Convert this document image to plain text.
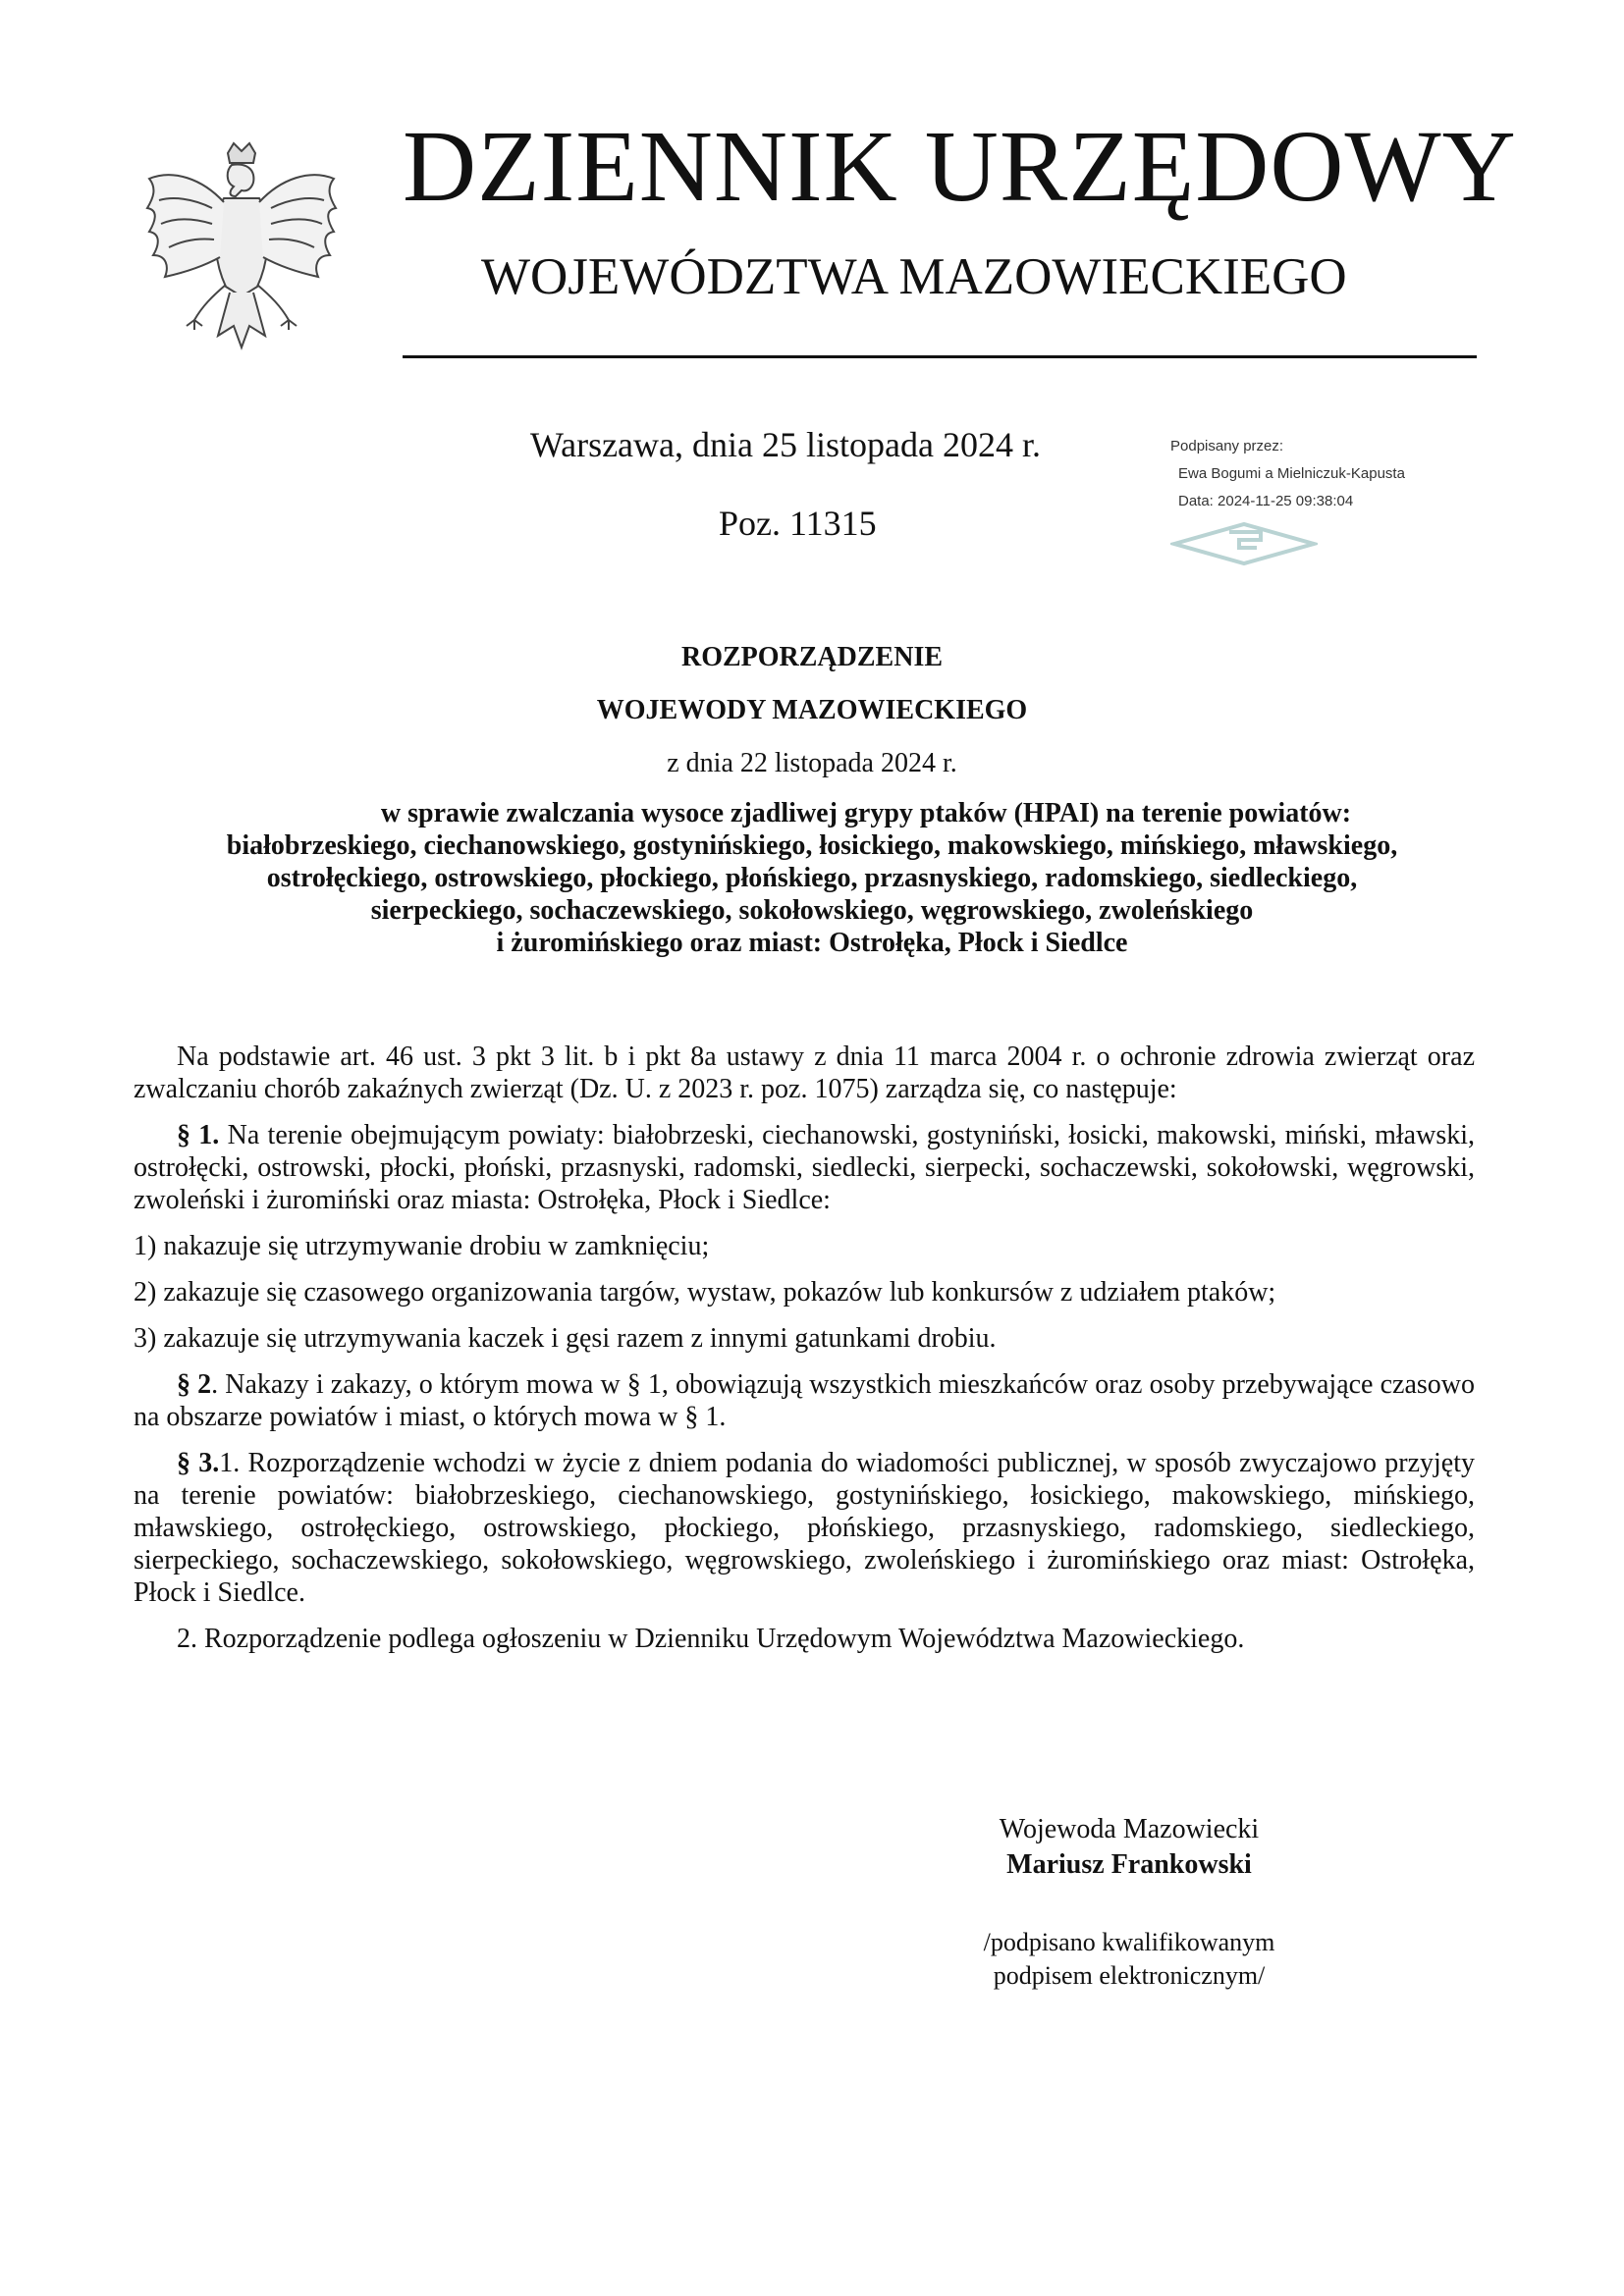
DZIENNIK URZĘDOWY
WOJEWÓDZTWA MAZOWIECKIEGO
Warszawa, dnia 25 listopada 2024 r.
Poz. 11315
Podpisany przez:
Ewa Bogumi a Mielniczuk-Kapusta
Data: 2024-11-25 09:38:04
ROZPORZĄDZENIE
WOJEWODY MAZOWIECKIEGO
z dnia 22 listopada 2024 r.
w sprawie zwalczania wysoce zjadliwej grypy ptaków (HPAI) na terenie powiatów:
białobrzeskiego, ciechanowskiego, gostynińskiego, łosickiego, makowskiego, mińskiego, mławskiego,
ostrołęckiego, ostrowskiego, płockiego, płońskiego, przasnyskiego, radomskiego, siedleckiego,
sierpeckiego, sochaczewskiego, sokołowskiego, węgrowskiego, zwoleńskiego
i żuromińskiego oraz miast: Ostrołęka, Płock i Siedlce

Na podstawie art. 46 ust. 3 pkt 3 lit. b i pkt 8a ustawy z dnia 11 marca 2004 r. o ochronie zdrowia zwierząt oraz zwalczaniu chorób zakaźnych zwierząt (Dz. U. z 2023 r. poz. 1075) zarządza się, co następuje:

§ 1. Na terenie obejmującym powiaty: białobrzeski, ciechanowski, gostyniński, łosicki, makowski, miński, mławski, ostrołęcki, ostrowski, płocki, płoński, przasnyski, radomski, siedlecki, sierpecki, sochaczewski, sokołowski, węgrowski, zwoleński i żuromiński oraz miasta: Ostrołęka, Płock i Siedlce:

1) nakazuje się utrzymywanie drobiu w zamknięciu;

2) zakazuje się czasowego organizowania targów, wystaw, pokazów lub konkursów z udziałem ptaków;

3) zakazuje się utrzymywania kaczek i gęsi razem z innymi gatunkami drobiu.

§ 2. Nakazy i zakazy, o którym mowa w § 1, obowiązują wszystkich mieszkańców oraz osoby przebywające czasowo na obszarze powiatów i miast, o których mowa w § 1.

§ 3.1. Rozporządzenie wchodzi w życie z dniem podania do wiadomości publicznej, w sposób zwyczajowo przyjęty na terenie powiatów: białobrzeskiego, ciechanowskiego, gostynińskiego, łosickiego, makowskiego, mińskiego, mławskiego, ostrołęckiego, ostrowskiego, płockiego, płońskiego, przasnyskiego, radomskiego, siedleckiego, sierpeckiego, sochaczewskiego, sokołowskiego, węgrowskiego, zwoleńskiego i żuromińskiego oraz miast: Ostrołęka, Płock i Siedlce.

2. Rozporządzenie podlega ogłoszeniu w Dzienniku Urzędowym Województwa Mazowieckiego.

Wojewoda Mazowiecki
Mariusz Frankowski
/podpisano kwalifikowanym
podpisem elektronicznym/
